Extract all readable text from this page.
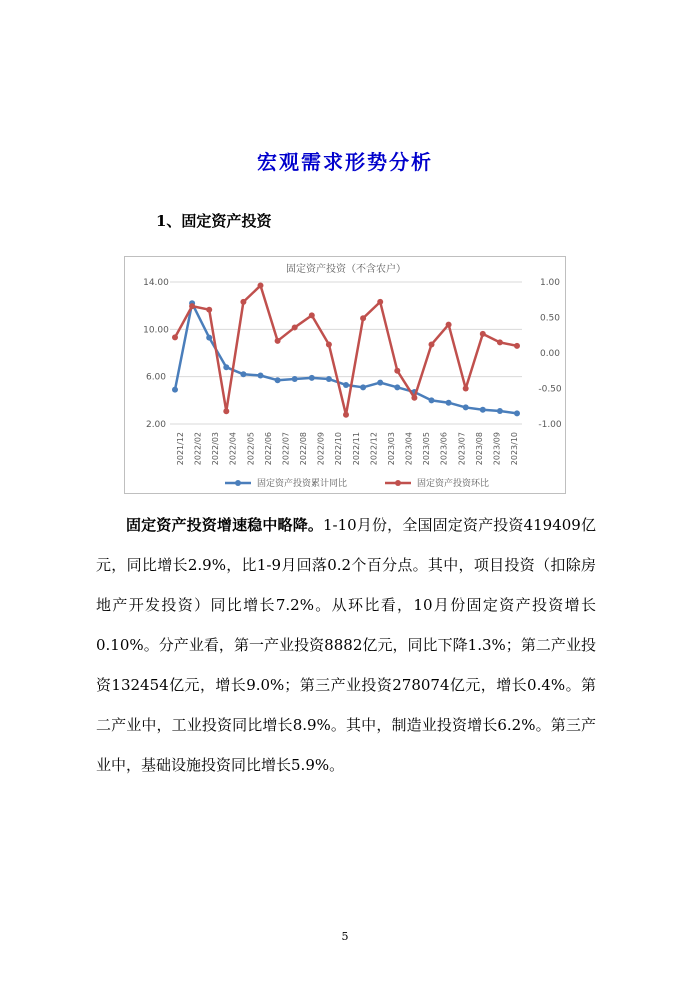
宏观需求形势分析
1、固定资产投资
固定资产投资（不含农户）
14.00
10.00
6.00
2.00
1.00
0.50
0.00
-0.50
-1.00
2021/12 2022/02 2022/03 2022/04 2022/05 2022/06 2022/07 2022/08 2022/09 2022/10 2022/11 2022/12 2023/03 2023/04 2023/05 2023/06 2023/07 2023/08 2023/09 2023/10
固定资产投资累计同比	固定资产投资环比

固定资产投资增速稳中略降。1-10月份，全国固定资产投资419409亿元，同比增长2.9%，比1-9月回落0.2个百分点。其中，项目投资（扣除房地产开发投资）同比增长7.2%。从环比看，10月份固定资产投资增长0.10%。分产业看，第一产业投资8882亿元，同比下降1.3%；第二产业投资132454亿元，增长9.0%；第三产业投资278074亿元，增长0.4%。第二产业中，工业投资同比增长8.9%。其中，制造业投资增长6.2%。第三产业中，基础设施投资同比增长5.9%。

5
